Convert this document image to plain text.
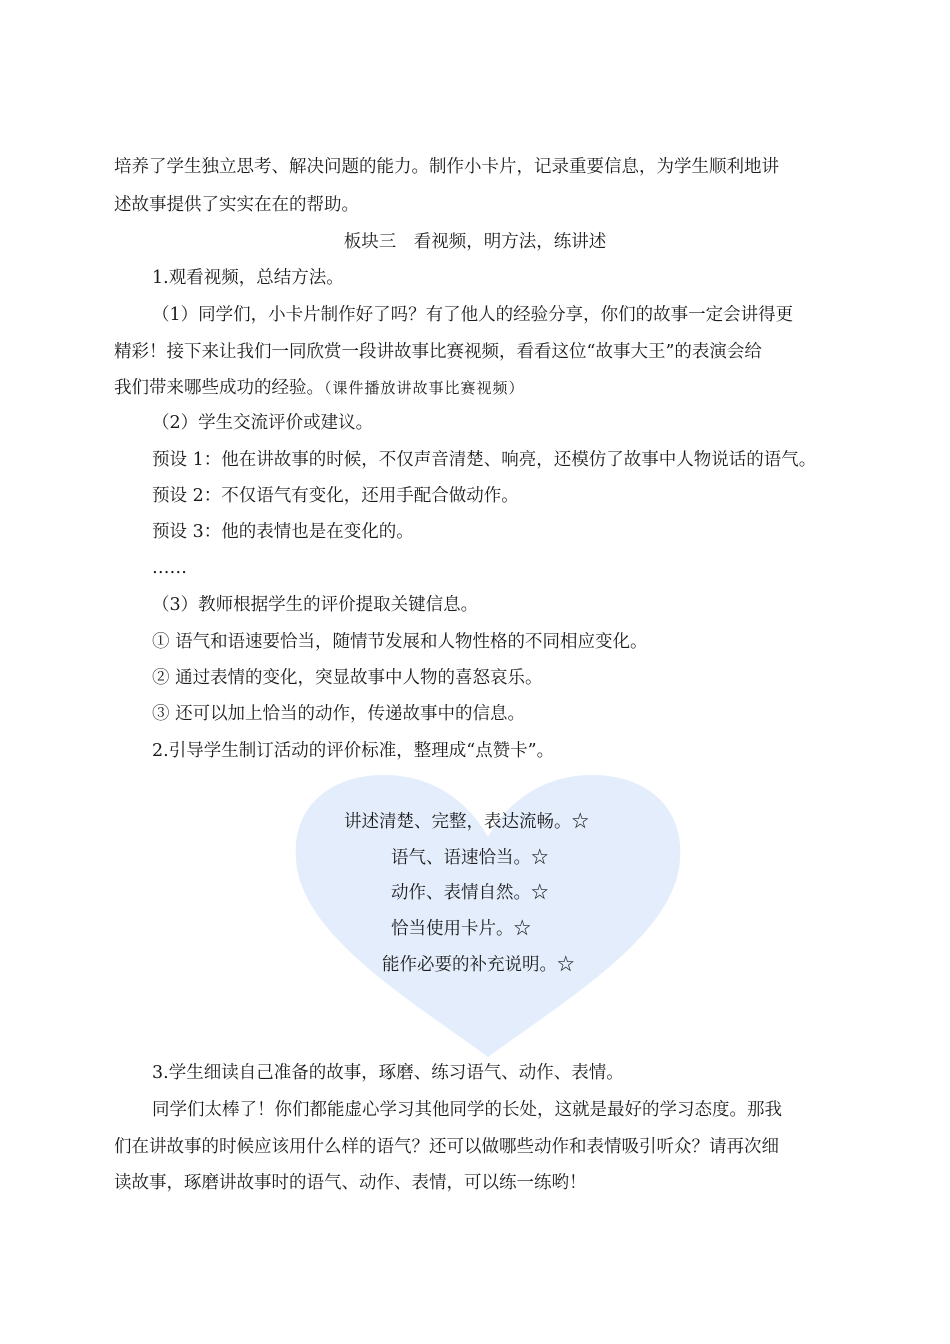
培养了学生独立思考、解决问题的能力。制作小卡片，记录重要信息，为学生顺利地讲
述故事提供了实实在在的帮助。
板块三　看视频，明方法，练讲述
1.观看视频，总结方法。
（1）同学们，小卡片制作好了吗？有了他人的经验分享，你们的故事一定会讲得更
精彩！接下来让我们一同欣赏一段讲故事比赛视频，看看这位“故事大王”的表演会给
我们带来哪些成功的经验。（课件播放讲故事比赛视频）
（2）学生交流评价或建议。
预设 1：他在讲故事的时候，不仅声音清楚、响亮，还模仿了故事中人物说话的语气。
预设 2：不仅语气有变化，还用手配合做动作。
预设 3：他的表情也是在变化的。
……
（3）教师根据学生的评价提取关键信息。
① 语气和语速要恰当，随情节发展和人物性格的不同相应变化。
② 通过表情的变化，突显故事中人物的喜怒哀乐。
③ 还可以加上恰当的动作，传递故事中的信息。
2.引导学生制订活动的评价标准，整理成“点赞卡”。
讲述清楚、完整，表达流畅。☆
语气、语速恰当。☆
动作、表情自然。☆
恰当使用卡片。☆
能作必要的补充说明。☆
3.学生细读自己准备的故事，琢磨、练习语气、动作、表情。
同学们太棒了！你们都能虚心学习其他同学的长处，这就是最好的学习态度。那我
们在讲故事的时候应该用什么样的语气？还可以做哪些动作和表情吸引听众？请再次细
读故事，琢磨讲故事时的语气、动作、表情，可以练一练哟！
